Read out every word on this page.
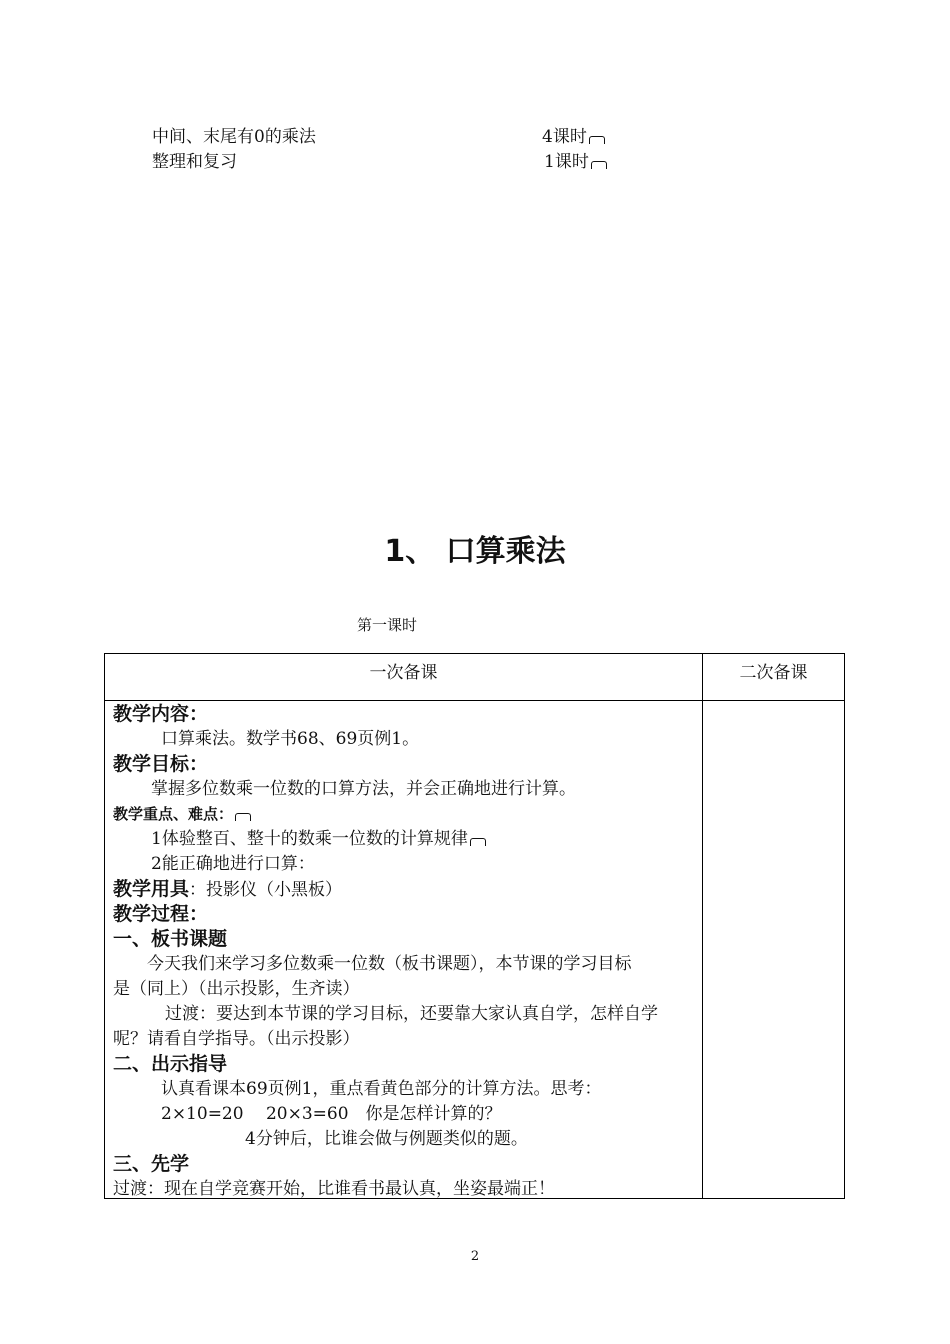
中间、末尾有0的乘法	4课时
整理和复习	1课时
1、 口算乘法
第一课时
一次备课	二次备课
教学内容：
口算乘法。数学书68、69页例1。
教学目标：
掌握多位数乘一位数的口算方法，并会正确地进行计算。
教学重点、难点：
1体验整百、整十的数乘一位数的计算规律
2能正确地进行口算：
教学用具：投影仪（小黑板）
教学过程：
一、板书课题
今天我们来学习多位数乘一位数（板书课题），本节课的学习目标
是（同上）（出示投影，生齐读）
过渡：要达到本节课的学习目标，还要靠大家认真自学，怎样自学
呢？请看自学指导。（出示投影）
二、出示指导
认真看课本69页例1，重点看黄色部分的计算方法。思考：
2×10=20　 20×3=60　你是怎样计算的？
4分钟后，比谁会做与例题类似的题。
三、先学
过渡：现在自学竞赛开始，比谁看书最认真，坐姿最端正！
2
